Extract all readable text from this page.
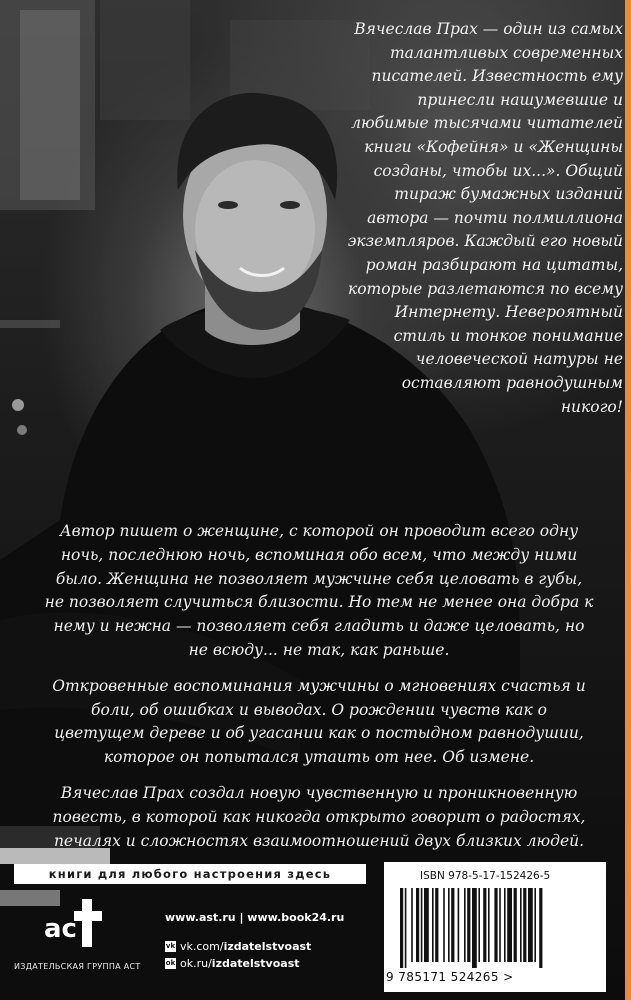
Вячеслав Прах — один из самых талантливых современных писателей. Известность ему принесли нашумевшие и любимые тысячами читателей книги «Кофейня» и «Женщины созданы, чтобы их...». Общий тираж бумажных изданий автора — почти полмиллиона экземпляров. Каждый его новый роман разбирают на цитаты, которые разлетаются по всему Интернету. Невероятный стиль и тонкое понимание человеческой натуры не оставляют равнодушным никого!

Автор пишет о женщине, с которой он проводит всего одну ночь, последнюю ночь, вспоминая обо всем, что между ними было. Женщина не позволяет мужчине себя целовать в губы, не позволяет случиться близости. Но тем не менее она добра к нему и нежна — позволяет себя гладить и даже целовать, но не всюду... не так, как раньше.

Откровенные воспоминания мужчины о мгновениях счастья и боли, об ошибках и выводах. О рождении чувств как о цветущем дереве и об угасании как о постыдном равнодушии, которое он попытался утаить от нее. Об измене.

Вячеслав Прах создал новую чувственную и проникновенную повесть, в которой как никогда открыто говорит о радостях, печалях и сложностях взаимоотношений двух близких людей.

книги для любого настроения здесь
ac
ИЗДАТЕЛЬСКАЯ ГРУППА АСТ
www.ast.ru | www.book24.ru
vk vk.com/ izdatelstvoast
ok ok.ru/ izdatelstvoast
ISBN 978-5-17-152426-5
9 785171 524265 >
